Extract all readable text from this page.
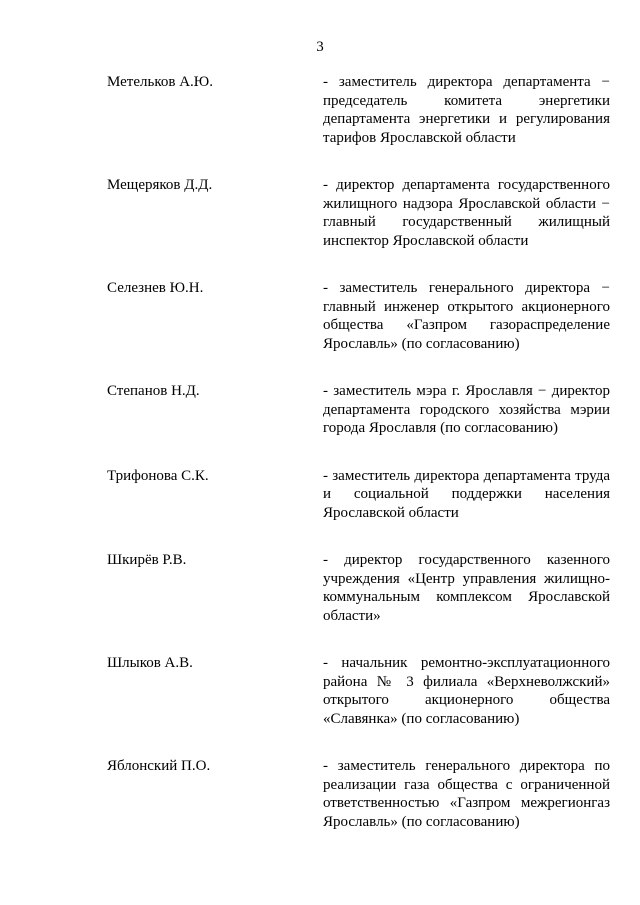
3
Метельков А.Ю.	- заместитель директора департамента − председатель комитета энергетики департамента энергетики и регулирования тарифов Ярославской области
Мещеряков Д.Д.	- директор департамента государственного жилищного надзора Ярославской области − главный государственный жилищный инспектор Ярославской области
Селезнев Ю.Н.	- заместитель генерального директора − главный инженер открытого акционерного общества «Газпром газораспределение Ярославль» (по согласованию)
Степанов Н.Д.	- заместитель мэра г. Ярославля − директор департамента городского хозяйства мэрии города Ярославля (по согласованию)
Трифонова С.К.	- заместитель директора департамента труда и социальной поддержки населения Ярославской области
Шкирёв Р.В.	- директор государственного казенного учреждения «Центр управления жилищно-коммунальным комплексом Ярославской области»
Шлыков А.В.	- начальник ремонтно-эксплуатационного района № 3 филиала «Верхневолжский» открытого акционерного общества «Славянка» (по согласованию)
Яблонский П.О.	- заместитель генерального директора по реализации газа общества с ограниченной ответственностью «Газпром межрегионгаз Ярославль» (по согласованию)
